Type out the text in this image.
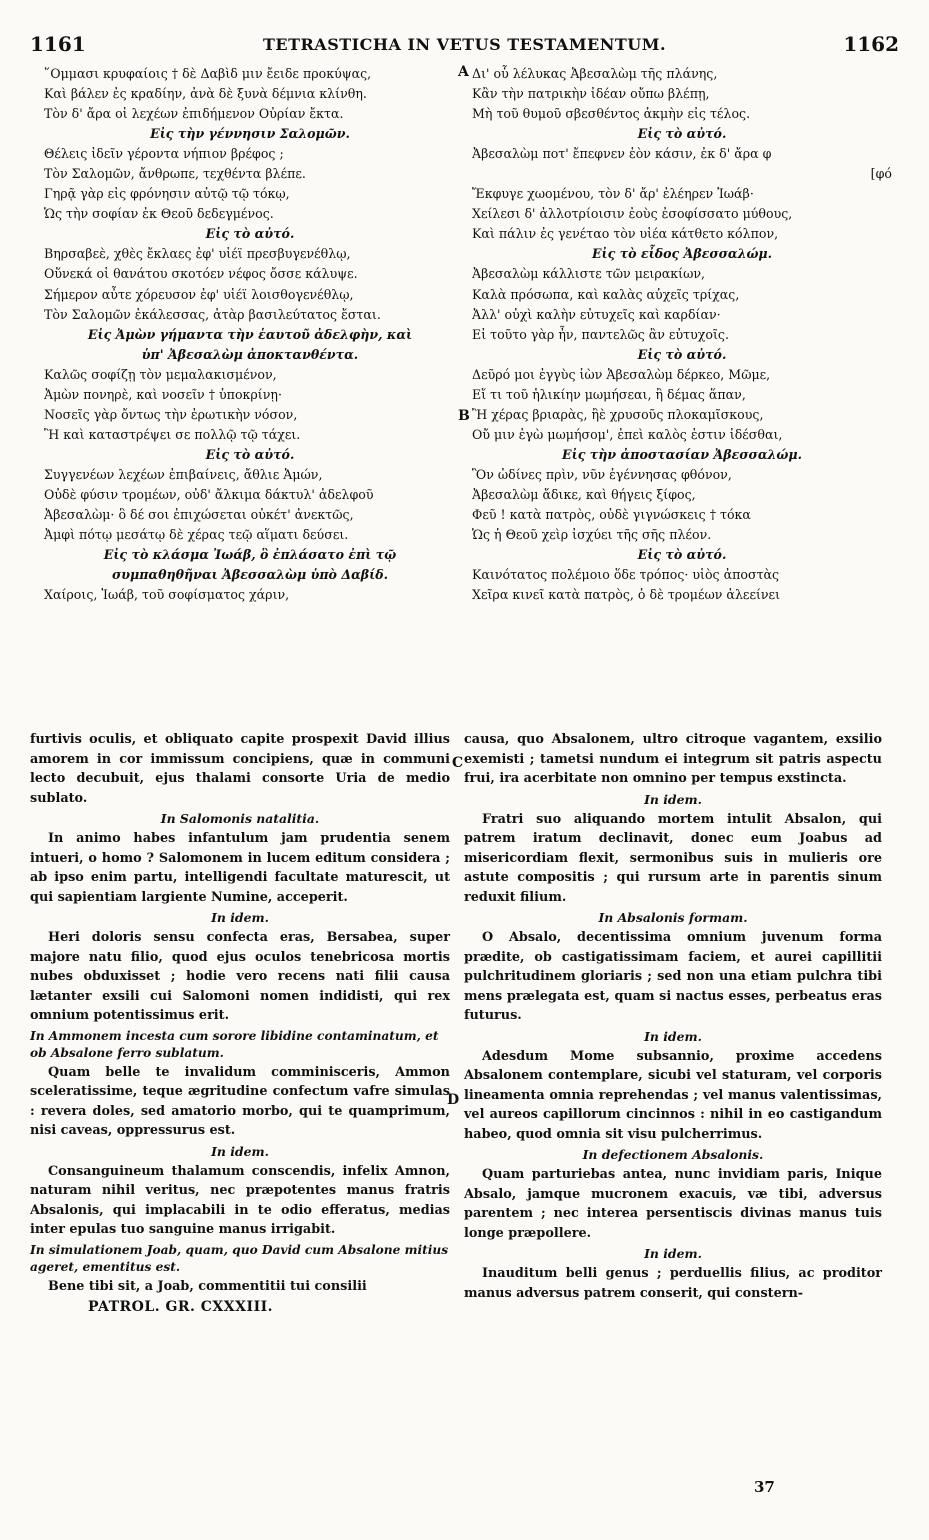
1161	TETRASTICHA IN VETUS TESTAMENTUM.	1162
῞Ομμασι κρυφαίοις † δὲ Δαβὶδ μιν ἔειδε προκύψας,
Καὶ βάλεν ἐς κραδίην, ἀνὰ δὲ ξυνὰ δέμνια κλίνθη.
Τὸν δ' ἄρα οἱ λεχέων ἐπιδήμενον Οὐρίαν ἔκτα.
Εἰς τὴν γέννησιν Σαλομῶν.
Θέλεις ἰδεῖν γέροντα νήπιον βρέφος ;
Τὸν Σαλομῶν, ἄνθρωπε, τεχθέντα βλέπε.
Γηρᾷ γὰρ εἰς φρόνησιν αὐτῷ τῷ τόκῳ,
Ὡς τὴν σοφίαν ἐκ Θεοῦ δεδεγμένος.
Εἰς τὸ αὐτό.
Βηρσαβεὲ, χθὲς ἔκλαες ἐφ' υἱέϊ πρεσβυγενέθλῳ,
Οὕνεκά οἱ θανάτου σκοτόεν νέφος ὄσσε κάλυψε.
Σήμερον αὖτε χόρευσον ἐφ' υἱέϊ λοισθογενέθλῳ,
Τὸν Σαλομῶν ἐκάλεσσας, ἀτὰρ βασιλεύτατος ἔσται.
Εἰς Ἀμὼν γήμαντα τὴν ἑαυτοῦ ἀδελφὴν, καὶ
ὑπ' Ἀβεσαλὼμ ἀποκτανθέντα.
Καλῶς σοφίζῃ τὸν μεμαλακισμένον,
Ἀμὼν πονηρὲ, καὶ νοσεῖν † ὑποκρίνῃ·
Νοσεῖς γὰρ ὄντως τὴν ἐρωτικὴν νόσον,
Ἢ καὶ καταστρέψει σε πολλῷ τῷ τάχει.
Εἰς τὸ αὐτό.
Συγγενέων λεχέων ἐπιβαίνεις, ἄθλιε Ἀμών,
Οὐδὲ φύσιν τρομέων, οὐδ' ἄλκιμα δάκτυλ' ἀδελφοῦ
Ἀβεσαλὼμ· ὃ δέ σοι ἐπιχώσεται οὐκέτ' ἀνεκτῶς,
Ἀμφὶ πότῳ μεσάτῳ δὲ χέρας τεῷ αἵματι δεύσει.
Εἰς τὸ κλάσμα Ἰωάβ, ὃ ἐπλάσατο ἐπὶ τῷ
συμπαθηθῆναι Ἀβεσσαλὼμ ὑπὸ Δαβίδ.
Χαίροις, Ἰωάβ, τοῦ σοφίσματος χάριν,
Δι' οὗ λέλυκας Ἀβεσαλὼμ τῆς πλάνης,
Κἂν τὴν πατρικὴν ἰδέαν οὔπω βλέπῃ,
Μὴ τοῦ θυμοῦ σβεσθέντος ἀκμὴν εἰς τέλος.
Εἰς τὸ αὐτό.
Ἀβεσαλὼμ ποτ' ἔπεφνεν ἑὸν κάσιν, ἐκ δ' ἄρα φ
[φό
Ἔκφυγε χωομένου, τὸν δ' ἄρ' ἐλέηρεν Ἰωάβ·
Χείλεσι δ' ἀλλοτρίοισιν ἐοὺς ἐσοφίσσατο μύθους,
Καὶ πάλιν ἐς γενέταο τὸν υἱέα κάτθετο κόλπον,
Εἰς τὸ εἶδος Ἀβεσσαλώμ.
Ἀβεσαλὼμ κάλλιστε τῶν μειρακίων,
Καλὰ πρόσωπα, καὶ καλὰς αὐχεῖς τρίχας,
Ἀλλ' οὐχὶ καλὴν εὐτυχεῖς καὶ καρδίαν·
Εἰ τοῦτο γὰρ ἦν, παντελῶς ἂν εὐτυχοῖς.
Εἰς τὸ αὐτό.
Δεῦρό μοι ἐγγὺς ἰὼν Ἀβεσαλὼμ δέρκεο, Μῶμε,
Εἴ τι τοῦ ἡλικίην μωμήσεαι, ἢ δέμας ἅπαν,
Ἢ χέρας βριαρὰς, ἢὲ χρυσοῦς πλοκαμῖσκους,
Οὔ μιν ἐγὼ μωμήσομ', ἐπεὶ καλὸς ἐστιν ἰδέσθαι,
Εἰς τὴν ἀποστασίαν Ἀβεσσαλώμ.
Ὃν ὠδίνες πρὶν, νῦν ἐγέννησας φθόνον,
Ἀβεσαλὼμ ἄδικε, καὶ θήγεις ξίφος,
Φεῦ ! κατὰ πατρὸς, οὐδὲ γιγνώσκεις † τόκα
Ὡς ἡ Θεοῦ χεὶρ ἰσχύει τῆς σῆς πλέον.
Εἰς τὸ αὐτό.
Καινότατος πολέμοιο ὅδε τρόπος· υἱὸς ἀποστὰς
Χεῖρα κινεῖ κατὰ πατρὸς, ὁ δὲ τρομέων ἀλεείνει

furtivis oculis, et obliquato capite prospexit David illius amorem in cor immissum concipiens, quæ in communi lecto decubuit, ejus thalami consorte Uria de medio sublato.

In Salomonis natalitia.

In animo habes infantulum jam prudentia senem intueri, o homo ? Salomonem in lucem editum considera ; ab ipso enim partu, intelligendi facultate maturescit, ut qui sapientiam largiente Numine, acceperit.

In idem.

Heri doloris sensu confecta eras, Bersabea, super majore natu filio, quod ejus oculos tenebricosa mortis nubes obduxisset ; hodie vero recens nati filii causa lætanter exsili cui Salomoni nomen indidisti, qui rex omnium potentissimus erit.

In Ammonem incesta cum sorore libidine contaminatum, et ob Absalone ferro sublatum.

Quam belle te invalidum comminisceris, Ammon sceleratissime, teque ægritudine confectum vafre simulas : revera doles, sed amatorio morbo, qui te quamprimum, nisi caveas, oppressurus est.

In idem.

Consanguineum thalamum conscendis, infelix Amnon, naturam nihil veritus, nec præpotentes manus fratris Absalonis, qui implacabili in te odio efferatus, medias inter epulas tuo sanguine manus irrigabit.

In simulationem Joab, quam, quo David cum Absalone mitius ageret, ementitus est.

Bene tibi sit, a Joab, commentitii tui consilii

PATROL. GR. CXXXIII.

causa, quo Absalonem, ultro citroque vagantem, exsilio exemisti ; tametsi nundum ei integrum sit patris aspectu frui, ira acerbitate non omnino per tempus exstincta.

In idem.

Fratri suo aliquando mortem intulit Absalon, qui patrem iratum declinavit, donec eum Joabus ad misericordiam flexit, sermonibus suis in mulieris ore astute compositis ; qui rursum arte in parentis sinum reduxit filium.

In Absalonis formam.

O Absalo, decentissima omnium juvenum forma prædite, ob castigatissimam faciem, et aurei capillitii pulchritudinem gloriaris ; sed non una etiam pulchra tibi mens prælegata est, quam si nactus esses, perbeatus eras futurus.

In idem.

Adesdum Mome subsannio, proxime accedens Absalonem contemplare, sicubi vel staturam, vel corporis lineamenta omnia reprehendas ; vel manus valentissimas, vel aureos capillorum cincinnos : nihil in eo castigandum habeo, quod omnia sit visu pulcherrimus.

In defectionem Absalonis.

Quam parturiebas antea, nunc invidiam paris, Inique Absalo, jamque mucronem exacuis, væ tibi, adversus parentem ; nec interea persentiscis divinas manus tuis longe præpollere.

In idem.

Inauditum belli genus ; perduellis filius, ac proditor manus adversus patrem conserit, qui constern-

A
B
C
D
37
